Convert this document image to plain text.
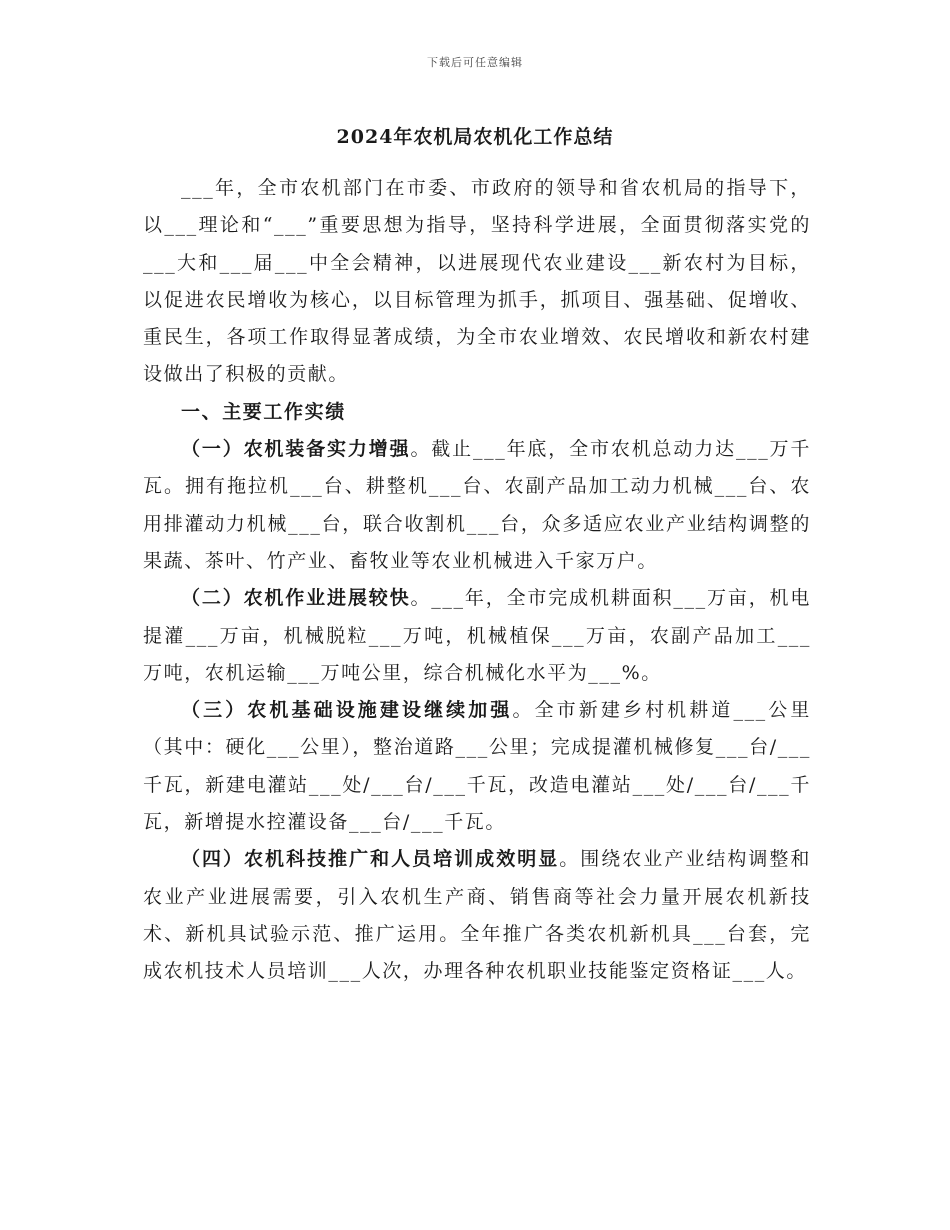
下载后可任意编辑
2024年农机局农机化工作总结

___年，全市农机部门在市委、市政府的领导和省农机局的指导下，以___理论和“___”重要思想为指导，坚持科学进展，全面贯彻落实党的___大和___届___中全会精神，以进展现代农业建设___新农村为目标，以促进农民增收为核心，以目标管理为抓手，抓项目、强基础、促增收、重民生，各项工作取得显著成绩，为全市农业增效、农民增收和新农村建设做出了积极的贡献。

一、主要工作实绩

（一）农机装备实力增强。截止___年底，全市农机总动力达___万千瓦。拥有拖拉机___台、耕整机___台、农副产品加工动力机械___台、农用排灌动力机械___台，联合收割机___台，众多适应农业产业结构调整的果蔬、茶叶、竹产业、畜牧业等农业机械进入千家万户。

（二）农机作业进展较快。___年，全市完成机耕面积___万亩，机电提灌___万亩，机械脱粒___万吨，机械植保___万亩，农副产品加工___万吨，农机运输___万吨公里，综合机械化水平为___%。

（三）农机基础设施建设继续加强。全市新建乡村机耕道___公里（其中：硬化___公里），整治道路___公里；完成提灌机械修复___台/___千瓦，新建电灌站___处/___台/___千瓦，改造电灌站___处/___台/___千瓦，新增提水控灌设备___台/___千瓦。

（四）农机科技推广和人员培训成效明显。围绕农业产业结构调整和农业产业进展需要，引入农机生产商、销售商等社会力量开展农机新技术、新机具试验示范、推广运用。全年推广各类农机新机具___台套，完成农机技术人员培训___人次，办理各种农机职业技能鉴定资格证___人。
